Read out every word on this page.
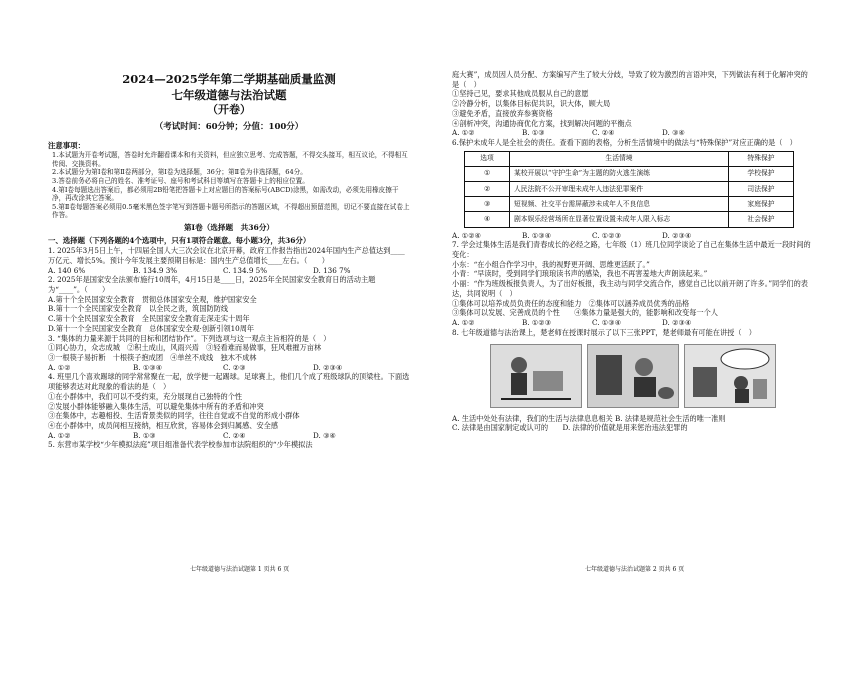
2024—2025学年第二学期基础质量监测

七年级道德与法治试题

（开卷）

（考试时间：60分钟；分值：100分）

注意事项：

1.本试题为开卷考试题，答卷时允许翻看课本和有关资料，但应独立思考、完成答题，不得交头接耳，相互议论，不得相互传阅、交换资料。

2.本试题分为第Ⅰ卷和第Ⅱ卷两部分，第Ⅰ卷为选择题，36分；第Ⅱ卷为非选择题，64分。

3.答卷前务必将自己的姓名、准考证号、座号和考试科目等填写在答题卡上的相应位置。

4.第Ⅰ卷每题选出答案后，都必须用2B铅笔把答题卡上对应题目的答案标号(ABCD)涂黑，如需改动，必须先用橡皮擦干净，再改涂其它答案。

5.第Ⅱ卷每题答案必须用0.5毫米黑色签字笔写到答题卡题号所指示的答题区域，不得超出预留范围，切记不要直接在试卷上作答。

第Ⅰ卷（选择题　共36分）

一、选择题（下列各题的4个选项中，只有1项符合题意。每小题3分，共36分）

1. 2025年3月5日上午，十四届全国人大三次会议在北京开幕，政府工作报告指出2024年国内生产总值达到____万亿元、增长5%。预计今年发展主要预期目标是：国内生产总值增长____左右。（　　）

A. 140 6%	B. 134.9 3%	C. 134.9 5%	D. 136 7%

2. 2025年是国家安全法颁布施行10周年，4月15日是____日，2025年全民国家安全教育日的活动主题为“____”。（　　）

A.第十个全民国家安全教育　贯彻总体国家安全观，维护国家安全

B.第十一个全民国家安全教育　以全民之责，筑国防防线

C.第十个全民国家安全教育　全民国家安全教育走深走实十周年

D.第十一个全民国家安全教育　总体国家安全观·创新引领10周年

3. “集体的力量来源于共同的目标和团结协作”。下列选项与这一观点主旨相符的是（　）

①同心协力，众志成城　②积土成山，风雨兴焉　③轻看难而易做事，狂风难摧万亩林

③一根筷子易折断　十根筷子抱成团　④单丝不成线　独木不成林

A. ①②	B. ①③④	C. ②③	D. ②③④

4. 班里几个喜欢踢球的同学常常聚在一起，放学便一起踢球。足球赛上，他们几个成了班级球队的顶梁柱。下面选项能够表达对此现象的看法的是（　）

①在小群体中，我们可以不受约束，充分展现自己独特的个性

②发展小群体能够融入集体生活，可以避免集体中所有的矛盾和冲突

③在集体中，志趣相投、生活背景类似的同学，往往自觉或不自觉的形成小群体

④在小群体中，成员间相互接纳，相互欣赏，容易体会到归属感、安全感

A. ①②	B. ①③	C. ②④	D. ③④

5. 东营市某学校“少年模拟法庭”项目组准备代表学校参加市法院组织的“少年模拟法

七年级道德与法治试题第 1 页共 6 页

庭大赛”，成员因人员分配、方案编写产生了较大分歧，导致了较为激烈的言语冲突，下列做法有利于化解冲突的是（　）

①坚持己见，要求其他成员服从自己的意愿

②冷静分析，以集体目标促共识，识大体，顾大局

③避免矛盾，直接放弃参赛资格

④剖析冲突，沟通协商优化方案，找到解决问题的平衡点

A. ①②	B. ①③	C. ②④	D. ③④

6.保护未成年人是全社会的责任。查看下面的表格，分析生活情境中的做法与“特殊保护”对应正确的是（　）

选项	生活情境	特殊保护
①	某校开展以“守护生命”为主题的防火逃生演练	学校保护
②	人民法院不公开审理未成年人违法犯罪案件	司法保护
③	短视频、社交平台需屏蔽涉未成年人不良信息	家庭保护
④	剧本娱乐经营场所在显著位置设置未成年人限入标志	社会保护
A. ①②④	B. ①③④	C. ①②③	D. ②③④

7. 学会过集体生活是我们青春成长的必经之路，七年级（1）班几位同学谈论了自己在集体生活中最近一段时间的变化：

小东：“在小组合作学习中，我的视野更开阔、思维更活跃了。”

小青：“早读时，受到同学们琅琅读书声的感染，我也不再害羞地大声朗读起来。”

小丽：“作为班级板报负责人，为了出好板报，我主动与同学交流合作，感觉自己比以前开朗了许多。”同学们的表达，共同说明（　）

①集体可以培养成员负责任的态度和能力　②集体可以涵养成员优秀的品格

③集体可以发展、完善成员的个性　　④集体力量是强大的，能影响和改变每一个人

A. ①②	B. ①②③	C. ①③④	D. ②③④

8. 七年级道德与法治课上，楚老师在授课时展示了以下三张PPT，楚老师最有可能在讲授（　）

A. 生活中处处有法律，我们的生活与法律息息相关 B. 法律是规范社会生活的唯一准则

C. 法律是由国家制定或认可的　　D. 法律的价值就是用来惩治违法犯罪的

七年级道德与法治试题第 2 页共 6 页
